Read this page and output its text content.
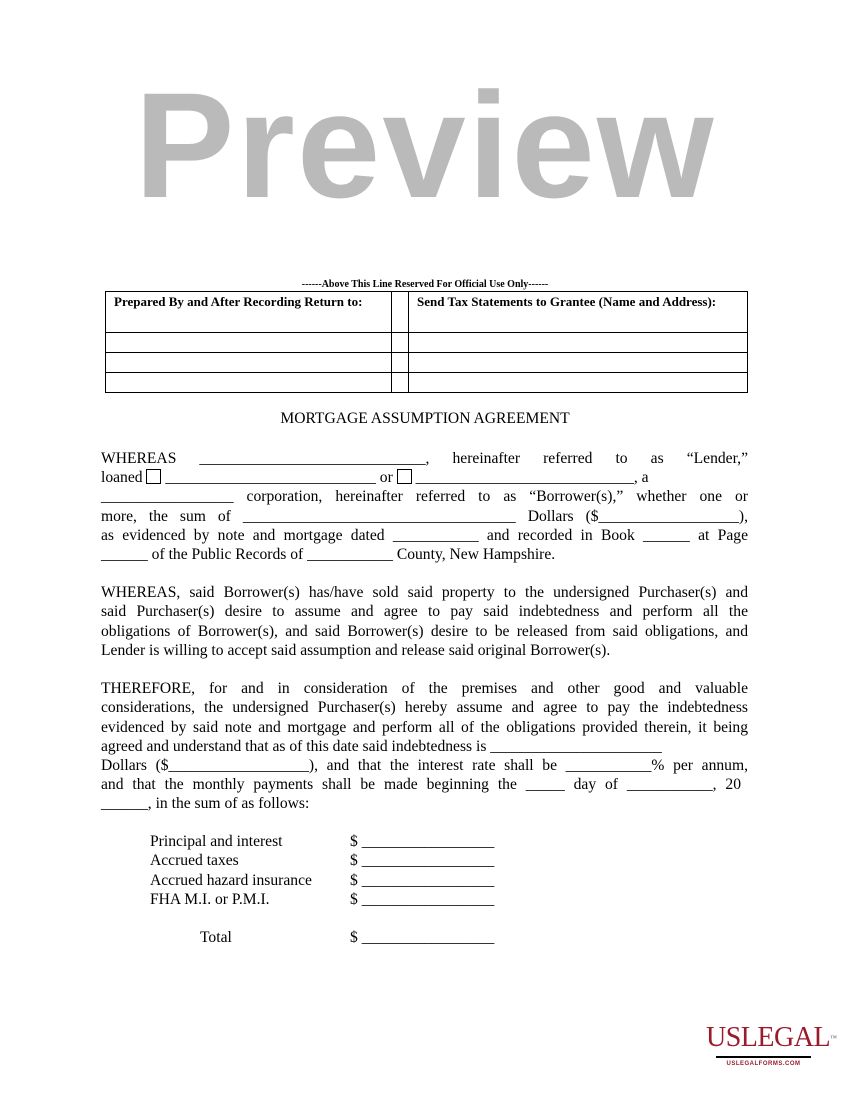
Preview
------Above This Line Reserved For Official Use Only------
Prepared By and After Recording Return to:		Send Tax Statements to Grantee (Name and Address):

MORTGAGE ASSUMPTION AGREEMENT
WHEREAS _____________________________, hereinafter referred to as “Lender,”
loaned  ___________________________ or  ____________________________, a
_________________ corporation, hereinafter referred to as “Borrower(s),” whether one or
more, the sum of ___________________________________ Dollars ($__________________),
as evidenced by note and mortgage dated ___________ and recorded in Book ______ at Page
______ of the Public Records of ___________ County, New Hampshire.
WHEREAS, said Borrower(s) has/have sold said property to the undersigned Purchaser(s) and
said Purchaser(s) desire to assume and agree to pay said indebtedness and perform all the
obligations of Borrower(s), and said Borrower(s) desire to be released from said obligations, and
Lender is willing to accept said assumption and release said original Borrower(s).
THEREFORE, for and in consideration of the premises and other good and valuable
considerations, the undersigned Purchaser(s) hereby assume and agree to pay the indebtedness
evidenced by said note and mortgage and perform all of the obligations provided therein, it being
agreed and understand that as of this date said indebtedness is ______________________
Dollars ($__________________), and that the interest rate shall be ___________% per annum,
and that the monthly payments shall be made beginning the _____ day of ___________, 20
______, in the sum of as follows:
Principal and interest	$ _________________
Accrued taxes	$ _________________
Accrued hazard insurance $ _________________
FHA M.I. or P.M.I.	$ _________________
Total	$ _________________
USLEGAL™
USLEGALFORMS.COM
